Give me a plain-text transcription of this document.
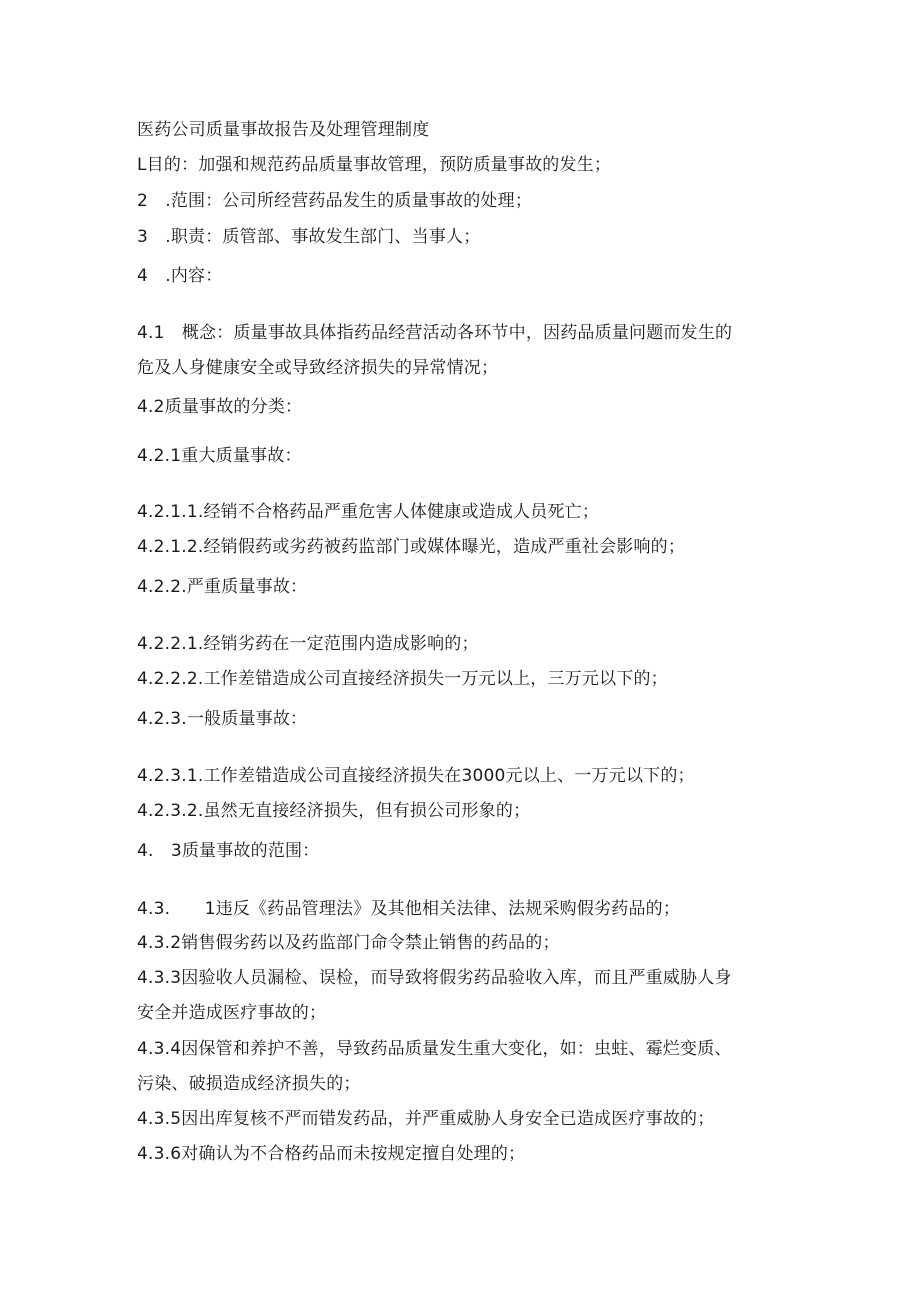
医药公司质量事故报告及处理管理制度
L目的：加强和规范药品质量事故管理，预防质量事故的发生；
2　.范围：公司所经营药品发生的质量事故的处理；
3　.职责：质管部、事故发生部门、当事人；
4　.内容：
4.1　概念：质量事故具体指药品经营活动各环节中，因药品质量问题而发生的
危及人身健康安全或导致经济损失的异常情况；
4.2质量事故的分类：
4.2.1重大质量事故：
4.2.1.1.经销不合格药品严重危害人体健康或造成人员死亡；
4.2.1.2.经销假药或劣药被药监部门或媒体曝光，造成严重社会影响的；
4.2.2.严重质量事故：
4.2.2.1.经销劣药在一定范围内造成影响的；
4.2.2.2.工作差错造成公司直接经济损失一万元以上，三万元以下的；
4.2.3.一般质量事故：
4.2.3.1.工作差错造成公司直接经济损失在3000元以上、一万元以下的；
4.2.3.2.虽然无直接经济损失，但有损公司形象的；
4.　3质量事故的范围：
4.3.　　1违反《药品管理法》及其他相关法律、法规采购假劣药品的；
4.3.2销售假劣药以及药监部门命令禁止销售的药品的；
4.3.3因验收人员漏检、误检，而导致将假劣药品验收入库，而且严重威胁人身
安全并造成医疗事故的；
4.3.4因保管和养护不善，导致药品质量发生重大变化，如：虫蛀、霉烂变质、
污染、破损造成经济损失的；
4.3.5因出库复核不严而错发药品，并严重威胁人身安全已造成医疗事故的；
4.3.6对确认为不合格药品而未按规定擅自处理的；
